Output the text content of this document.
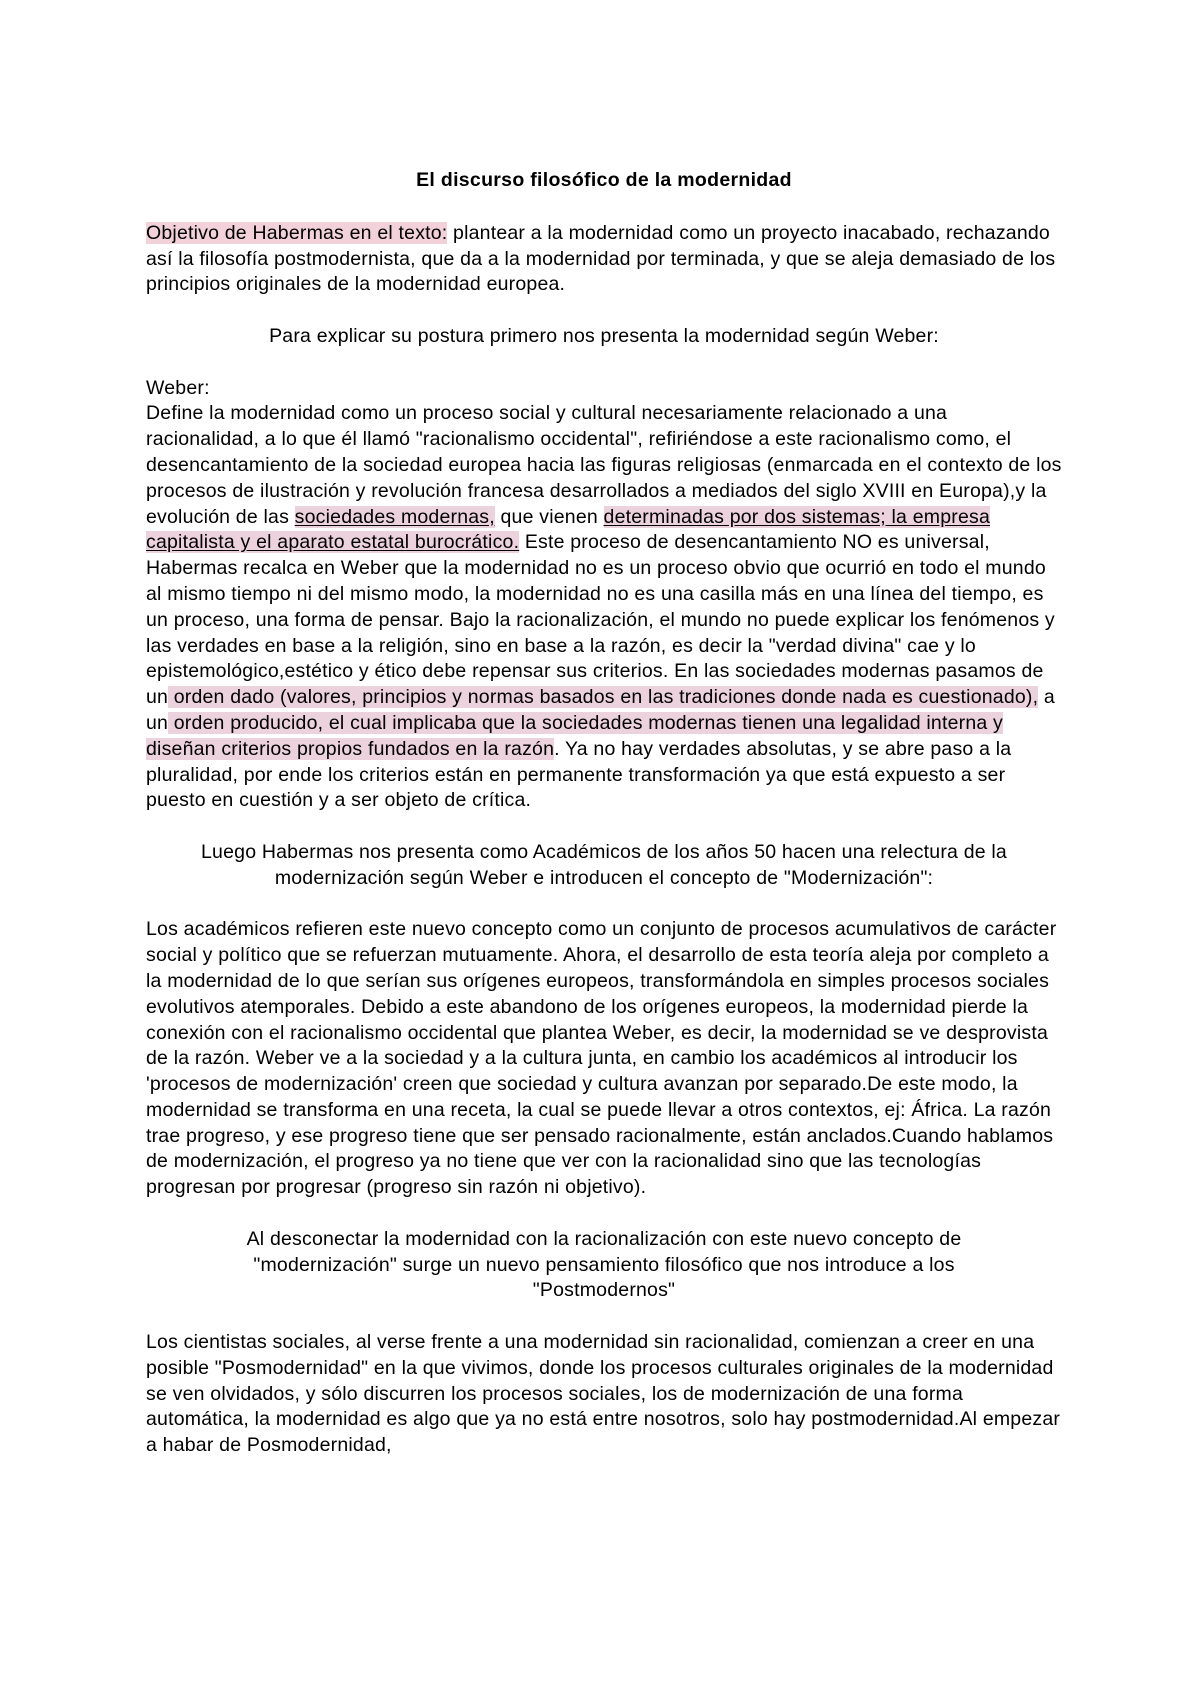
El discurso filosófico de la modernidad

Objetivo de Habermas en el texto: plantear a la modernidad como un proyecto inacabado, rechazando así la filosofía postmodernista, que da a la modernidad por terminada, y que se aleja demasiado de los principios originales de la modernidad europea.

Para explicar su postura primero nos presenta la modernidad según Weber:

Weber:

Define la modernidad como un proceso social y cultural necesariamente relacionado a una racionalidad, a lo que él llamó "racionalismo occidental", refiriéndose a este racionalismo como, el desencantamiento de la sociedad europea hacia las figuras religiosas (enmarcada en el contexto de los procesos de ilustración y revolución francesa desarrollados a mediados del siglo XVIII en Europa),y la evolución de las sociedades modernas, que vienen determinadas por dos sistemas; la empresa capitalista y el aparato estatal burocrático. Este proceso de desencantamiento NO es universal, Habermas recalca en Weber que la modernidad no es un proceso obvio que ocurrió en todo el mundo al mismo tiempo ni del mismo modo, la modernidad no es una casilla más en una línea del tiempo, es un proceso, una forma de pensar. Bajo la racionalización, el mundo no puede explicar los fenómenos y las verdades en base a la religión, sino en base a la razón, es decir la "verdad divina" cae y lo epistemológico,estético y ético debe repensar sus criterios. En las sociedades modernas pasamos de un orden dado (valores, principios y normas basados en las tradiciones donde nada es cuestionado), a un orden producido, el cual implicaba que la sociedades modernas tienen una legalidad interna y diseñan criterios propios fundados en la razón. Ya no hay verdades absolutas, y se abre paso a la pluralidad, por ende los criterios están en permanente transformación ya que está expuesto a ser puesto en cuestión y a ser objeto de crítica.

Luego Habermas nos presenta como Académicos de los años 50 hacen una relectura de la modernización según Weber e introducen el concepto de "Modernización":

Los académicos refieren este nuevo concepto como un conjunto de procesos acumulativos de carácter social y político que se refuerzan mutuamente. Ahora, el desarrollo de esta teoría aleja por completo a la modernidad de lo que serían sus orígenes europeos, transformándola en simples procesos sociales evolutivos atemporales. Debido a este abandono de los orígenes europeos, la modernidad pierde la conexión con el racionalismo occidental que plantea Weber, es decir, la modernidad se ve desprovista de la razón. Weber ve a la sociedad y a la cultura junta, en cambio los académicos al introducir los 'procesos de modernización' creen que sociedad y cultura avanzan por separado.De este modo, la modernidad se transforma en una receta, la cual se puede llevar a otros contextos, ej: África. La razón trae progreso, y ese progreso tiene que ser pensado racionalmente, están anclados.Cuando hablamos de modernización, el progreso ya no tiene que ver con la racionalidad sino que las tecnologías progresan por progresar (progreso sin razón ni objetivo).

Al desconectar la modernidad con la racionalización con este nuevo concepto de "modernización" surge un nuevo pensamiento filosófico que nos introduce a los "Postmodernos"

Los cientistas sociales, al verse frente a una modernidad sin racionalidad, comienzan a creer en una posible "Posmodernidad" en la que vivimos, donde los procesos culturales originales de la modernidad se ven olvidados, y sólo discurren los procesos sociales, los de modernización de una forma automática, la modernidad es algo que ya no está entre nosotros, solo hay postmodernidad.Al empezar a habar de Posmodernidad,
